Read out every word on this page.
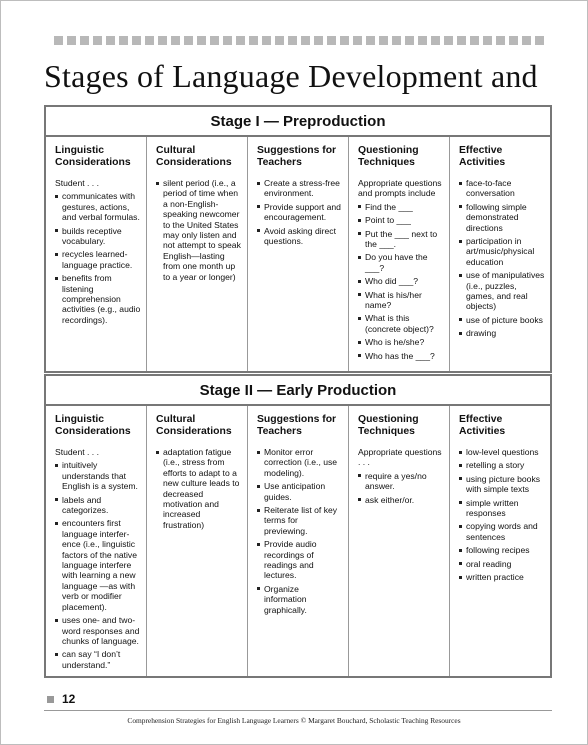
Stages of Language Development and
Stage I — Preproduction
Linguistic Considerations

Student . . .

communicates with gestures, actions, and verbal formulas.
builds receptive vocabulary.
recycles learned- language practice.
benefits from listening comprehension activities (e.g., audio recordings).
Cultural Considerations
silent period (i.e., a period of time when a non-English- speaking newcomer to the United States may only listen and not attempt to speak English—lasting from one month up to a year or longer)
Suggestions for Teachers
Create a stress-free environment.
Provide support and encouragement.
Avoid asking direct questions.
Questioning Techniques

Appropriate questions and prompts include

Find the ___
Point to ___
Put the ___ next to the ___.
Do you have the ___?
Who did ___?
What is his/her name?
What is this (concrete object)?
Who is he/she?
Who has the ___?
Effective Activities
face-to-face conversation
following simple demonstrated directions
participation in art/music/physical education
use of manipulatives (i.e., puzzles, games, and real objects)
use of picture books
drawing
Stage II — Early Production
Linguistic Considerations

Student . . .

intuitively understands that English is a system.
labels and categorizes.
encounters first language interfer- ence (i.e., linguistic factors of the native language interfere with learning a new language —as with verb or modifier placement).
uses one- and two- word responses and chunks of language.
can say “I don’t understand.”
Cultural Considerations
adaptation fatigue (i.e., stress from efforts to adapt to a new culture leads to decreased motivation and increased frustration)
Suggestions for Teachers
Monitor error correction (i.e., use modeling).
Use anticipation guides.
Reiterate list of key terms for previewing.
Provide audio recordings of readings and lectures.
Organize information graphically.
Questioning Techniques

Appropriate questions . . .

require a yes/no answer.
ask either/or.
Effective Activities
low-level questions
retelling a story
using picture books with simple texts
simple written responses
copying words and sentences
following recipes
oral reading
written practice
12
Comprehension Strategies for English Language Learners © Margaret Bouchard, Scholastic Teaching Resources
